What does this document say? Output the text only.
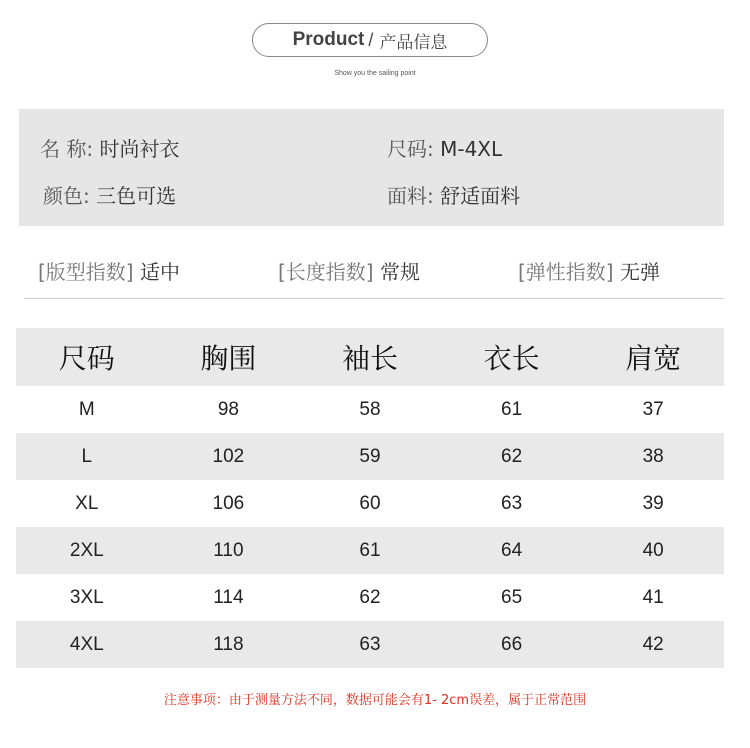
Product / 产品信息
Show you the sailing point
名 称: 时尚衬衣	尺码: M-4XL
颜色: 三色可选	面料: 舒适面料
[版型指数] 适中	[长度指数] 常规	[弹性指数] 无弹
尺码	胸围	袖长	衣长	肩宽
M	98	58	61	37
L	102	59	62	38
XL	106	60	63	39
2XL	110	61	64	40
3XL	114	62	65	41
4XL	118	63	66	42
注意事项：由于测量方法不同，数据可能会有1- 2cm误差，属于正常范围
